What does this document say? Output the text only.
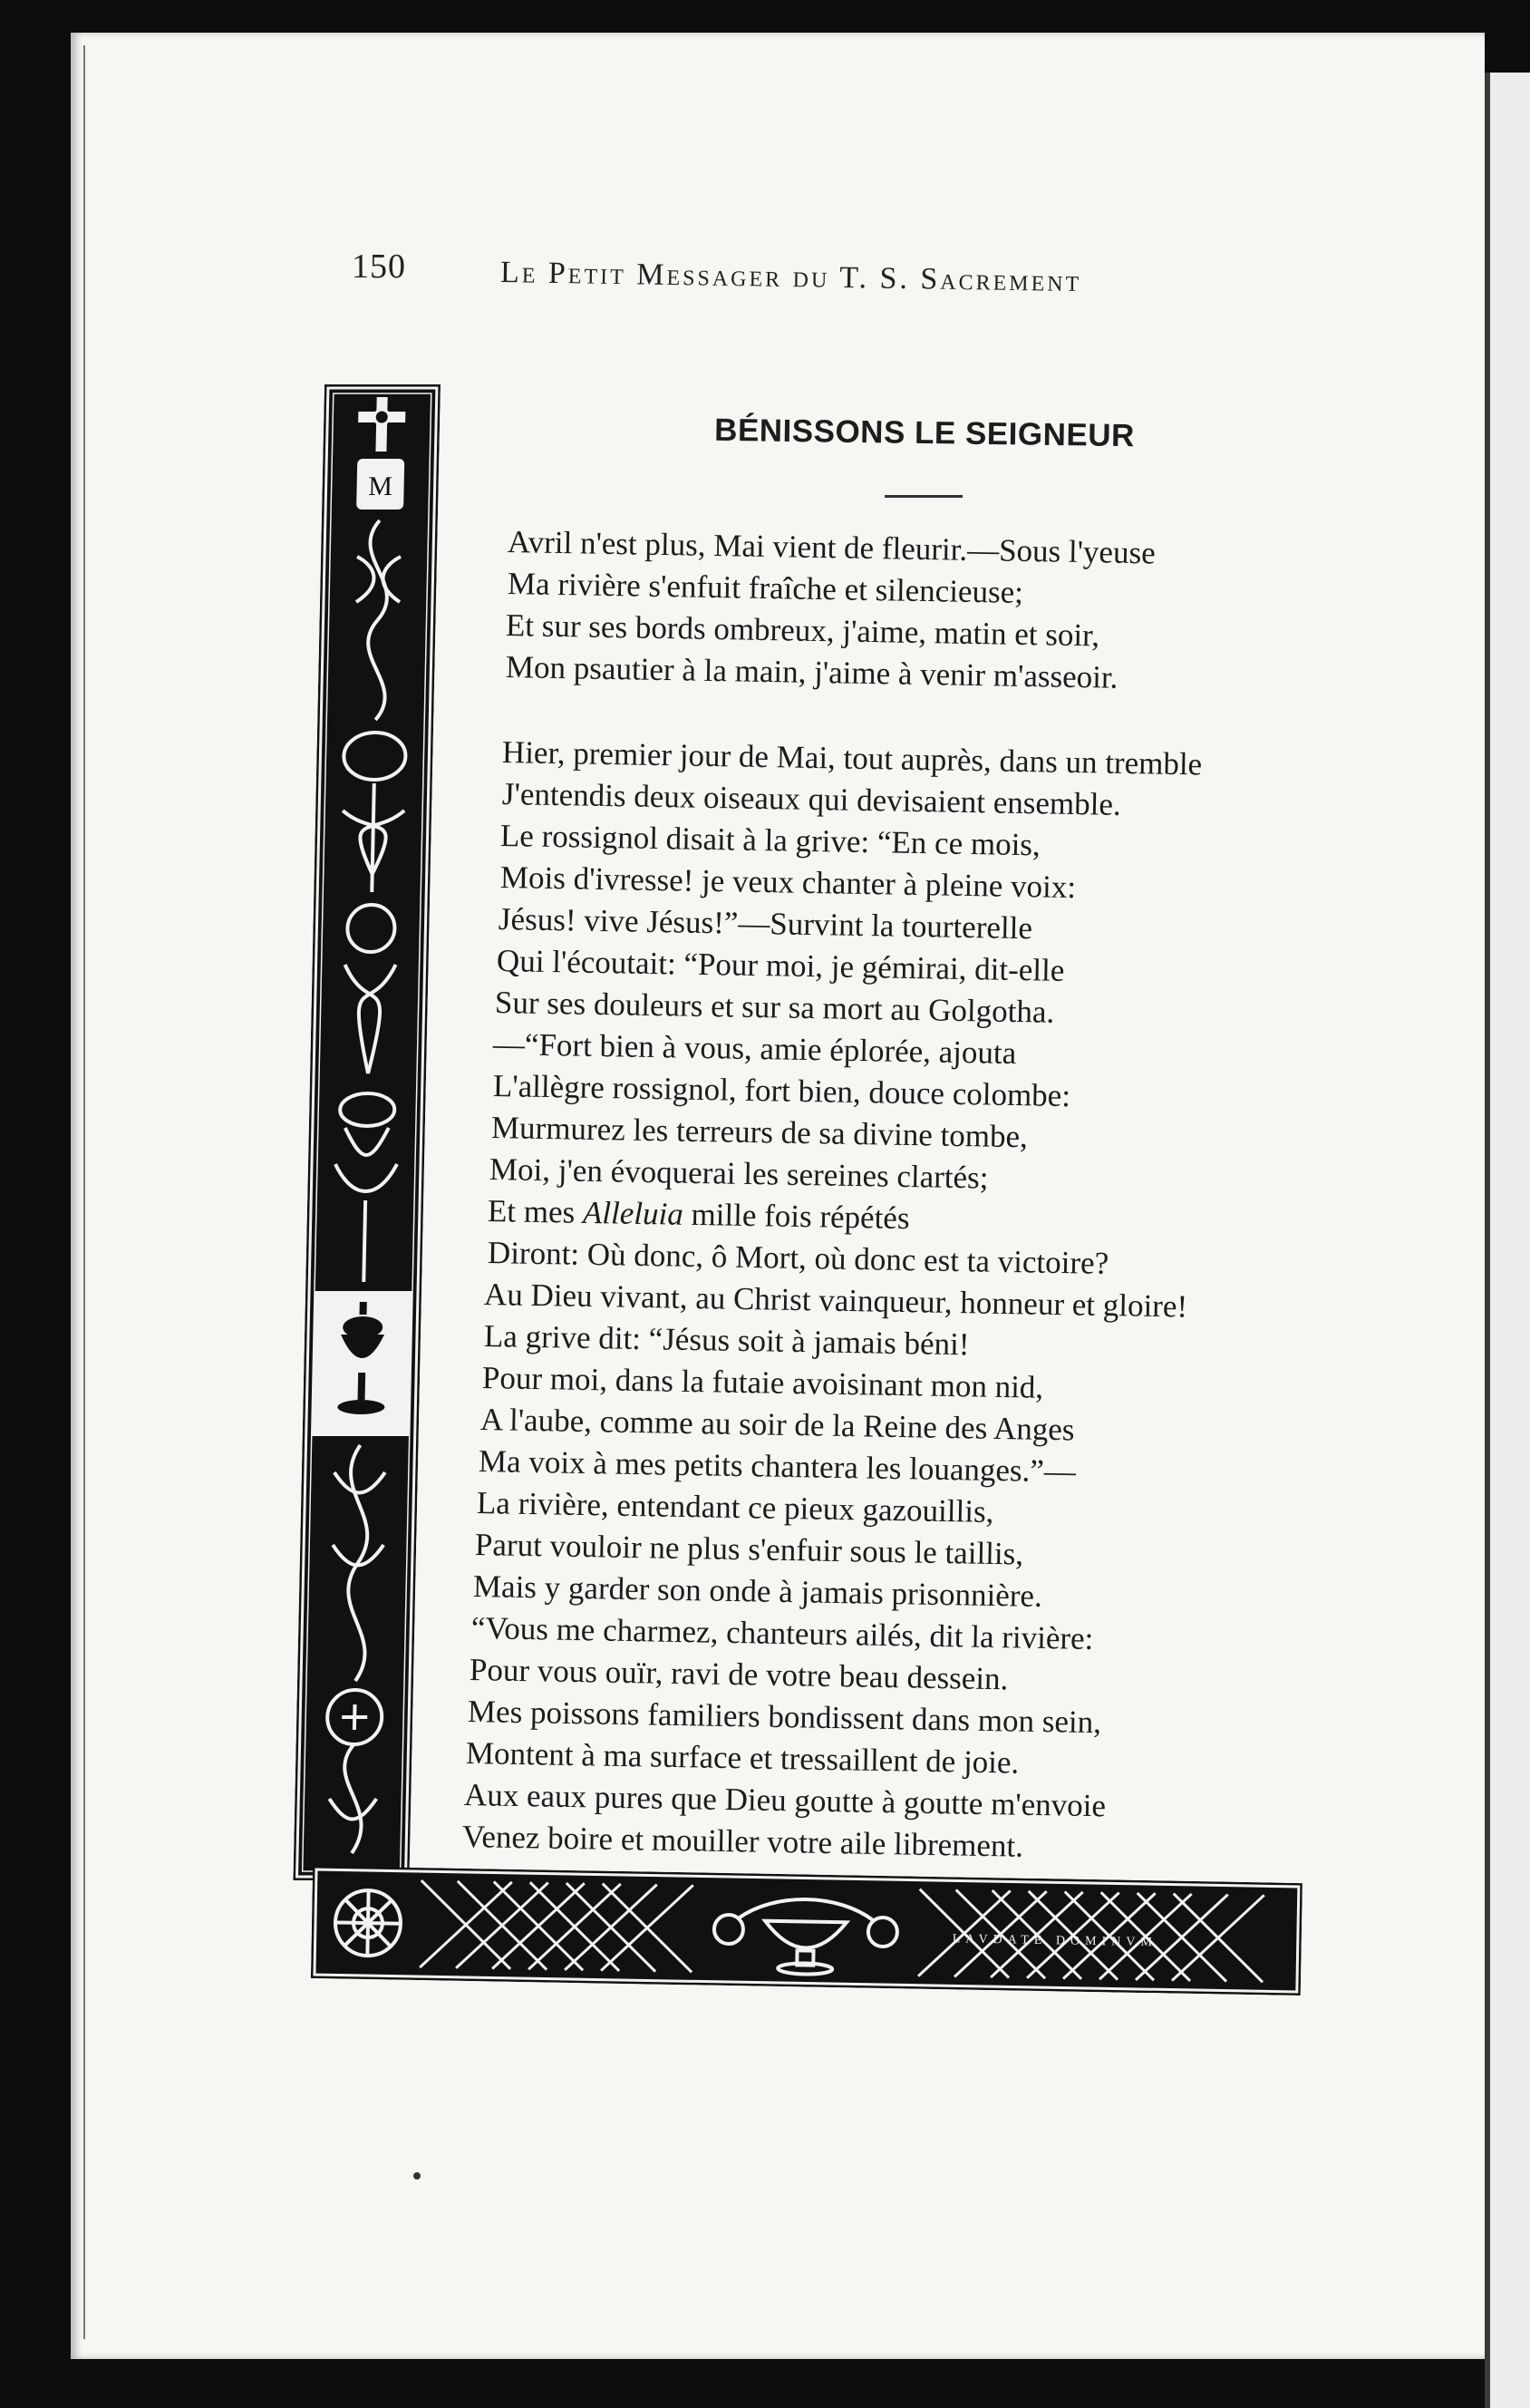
150	Le Petit Messager du T. S. Sacrement
BÉNISSONS LE SEIGNEUR
M
LAVDATE DOMINVM
Avril n'est plus, Mai vient de fleurir.—Sous l'yeuse
Ma rivière s'enfuit fraîche et silencieuse;
Et sur ses bords ombreux, j'aime, matin et soir,
Mon psautier à la main, j'aime à venir m'asseoir.
Hier, premier jour de Mai, tout auprès, dans un tremble
J'entendis deux oiseaux qui devisaient ensemble.
Le rossignol disait à la grive: “En ce mois,
Mois d'ivresse! je veux chanter à pleine voix:
Jésus! vive Jésus!”—Survint la tourterelle
Qui l'écoutait: “Pour moi, je gémirai, dit-elle
Sur ses douleurs et sur sa mort au Golgotha.
—“Fort bien à vous, amie éplorée, ajouta
L'allègre rossignol, fort bien, douce colombe:
Murmurez les terreurs de sa divine tombe,
Moi, j'en évoquerai les sereines clartés;
Et mes Alleluia mille fois répétés
Diront: Où donc, ô Mort, où donc est ta victoire?
Au Dieu vivant, au Christ vainqueur, honneur et gloire!
La grive dit: “Jésus soit à jamais béni!
Pour moi, dans la futaie avoisinant mon nid,
A l'aube, comme au soir de la Reine des Anges
Ma voix à mes petits chantera les louanges.”—
La rivière, entendant ce pieux gazouillis,
Parut vouloir ne plus s'enfuir sous le taillis,
Mais y garder son onde à jamais prisonnière.
“Vous me charmez, chanteurs ailés, dit la rivière:
Pour vous ouïr, ravi de votre beau dessein.
Mes poissons familiers bondissent dans mon sein,
Montent à ma surface et tressaillent de joie.
Aux eaux pures que Dieu goutte à goutte m'envoie
Venez boire et mouiller votre aile librement.
